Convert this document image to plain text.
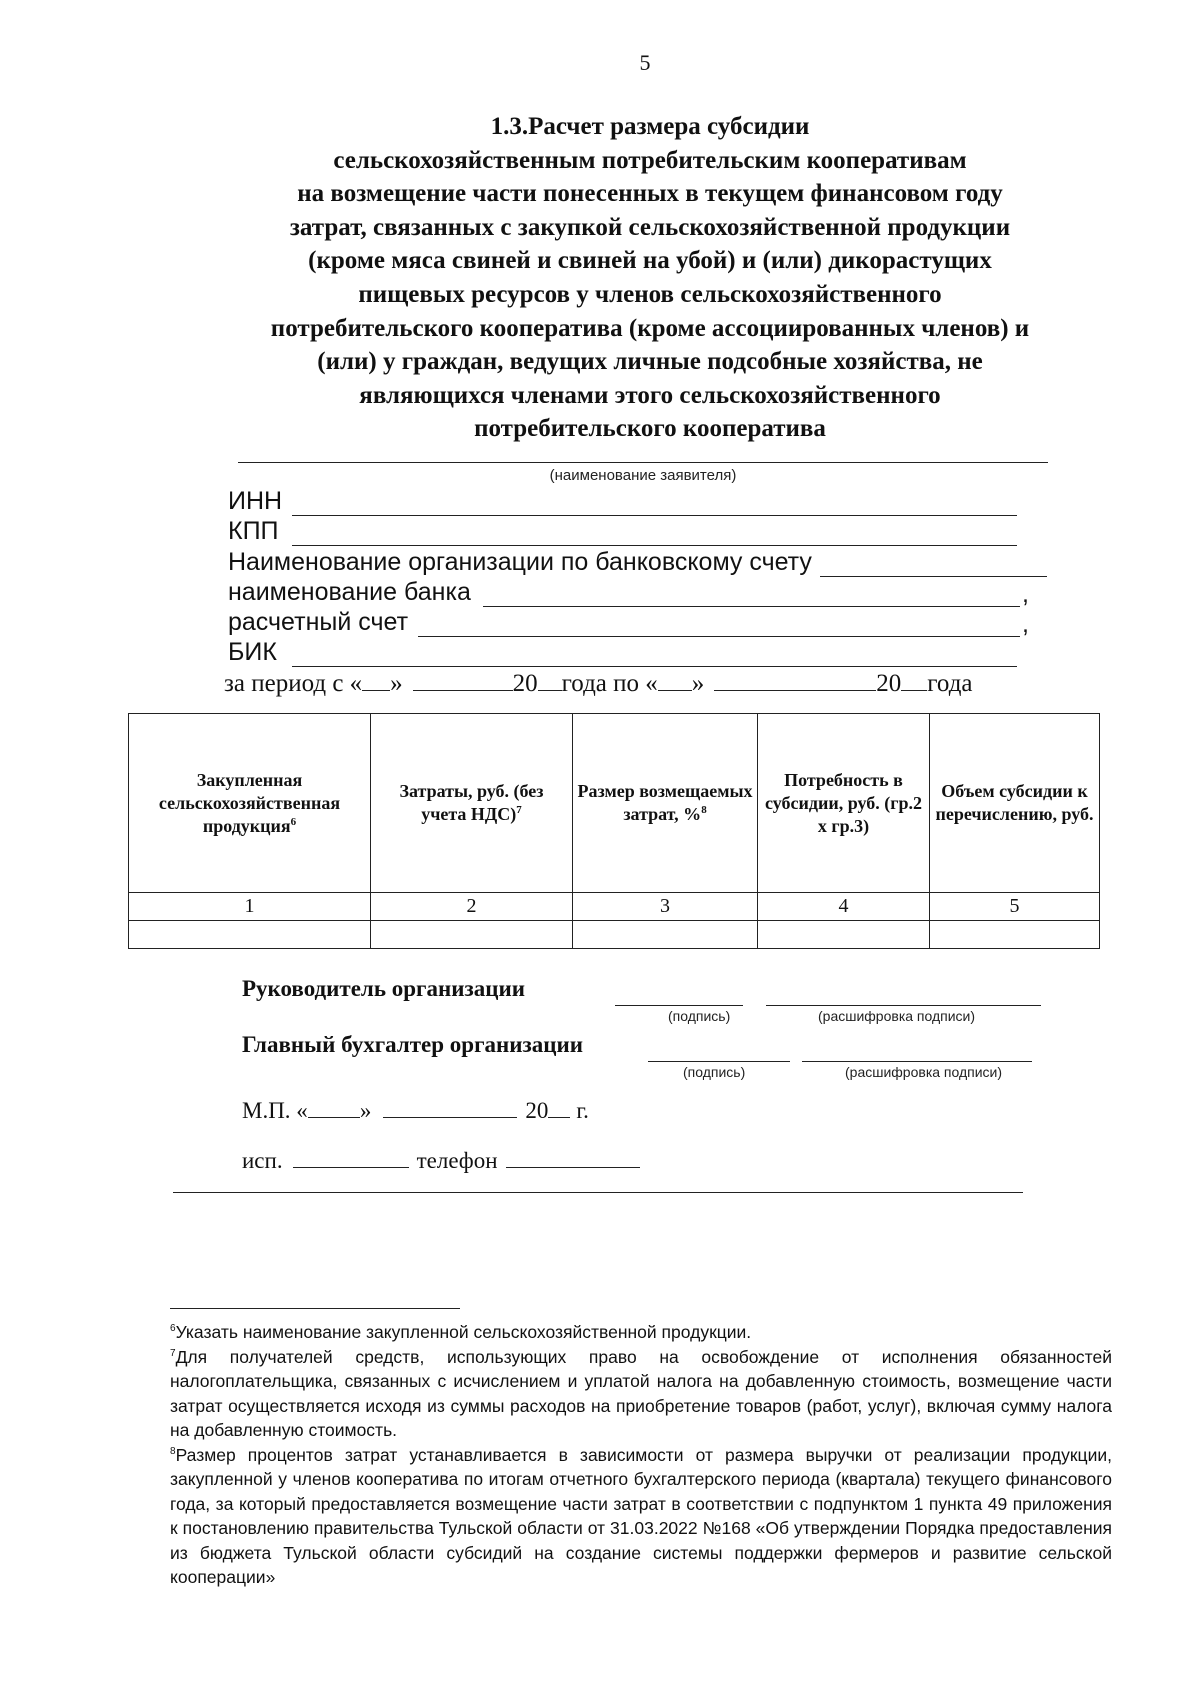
5
1.3.Расчет размера субсидии
сельскохозяйственным потребительским кооперативам
на возмещение части понесенных в текущем финансовом году
затрат, связанных с закупкой сельскохозяйственной продукции
(кроме мяса свиней и свиней на убой) и (или) дикорастущих
пищевых ресурсов у членов сельскохозяйственного
потребительского кооператива (кроме ассоциированных членов) и
(или) у граждан, ведущих личные подсобные хозяйства, не
являющихся членами этого сельскохозяйственного
потребительского кооператива
(наименование заявителя)
ИНН
КПП
Наименование организации по банковскому счету
наименование банка	,
расчетный счет	,
БИК
за период с « »	20года по « »	20 года
Закупленная сельскохозяйственная продукция$^6$	Затраты, руб. (без учета НДС)$^7$	Размер возмещаемых затрат, %$^8$	Потребность в субсидии, руб. (гр.2 х гр.3)	Объем субсидии к перечислению, руб.
1	2	3	4	5

Руководитель организации
(подпись)	(расшифровка подписи)
Главный бухгалтер организации
(подпись)	(расшифровка подписи)
М.П. « »	20 г.
исп.	телефон

$^6$Указать наименование закупленной сельскохозяйственной продукции.

$^7$Для получателей средств, использующих право на освобождение от исполнения обязанностей налогоплательщика, связанных с исчислением и уплатой налога на добавленную стоимость, возмещение части затрат осуществляется исходя из суммы расходов на приобретение товаров (работ, услуг), включая сумму налога на добавленную стоимость.

$^8$Размер процентов затрат устанавливается в зависимости от размера выручки от реализации продукции, закупленной у членов кооператива по итогам отчетного бухгалтерского периода (квартала) текущего финансового года, за который предоставляется возмещение части затрат в соответствии с подпунктом 1 пункта 49 приложения к постановлению правительства Тульской области от 31.03.2022 №168 «Об утверждении Порядка предоставления из бюджета Тульской области субсидий на создание системы поддержки фермеров и развитие сельской кооперации»
